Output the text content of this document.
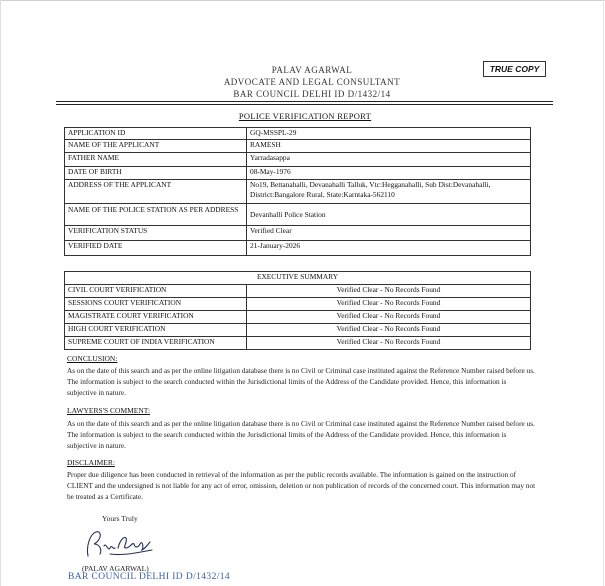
PALAV AGARWAL
ADVOCATE AND LEGAL CONSULTANT
BAR COUNCIL DELHI ID D/1432/14
TRUE COPY
POLICE VERIFICATION REPORT
APPLICATION ID	GQ-MSSPL-29
NAME OF THE APPLICANT	RAMESH
FATHER NAME	Yarradasappa
DATE OF BIRTH	08-May-1976
ADDRESS OF THE APPLICANT	No19, Bettanahalli, Devanahalli Talluk, Vtc:Hegganahalli, Sub Dist:Devanahalli, District:Bangalore Rural, State:Karntaka-562110
NAME OF THE POLICE STATION AS PER ADDRESS	Devanhalli Police Station
VERIFICATION STATUS	Verified Clear
VERIFIED DATE	21-January-2026
EXECUTIVE SUMMARY	
CIVIL COURT VERIFICATION	Verified Clear - No Records Found
SESSIONS COURT VERIFICATION	Verified Clear - No Records Found
MAGISTRATE COURT VERIFICATION	Verified Clear - No Records Found
HIGH COURT VERIFICATION	Verified Clear - No Records Found
SUPREME COURT OF INDIA VERIFICATION	Verified Clear - No Records Found
CONCLUSION:
As on the date of this search and as per the online litigation database there is no Civil or Criminal case instituted against the Reference Number raised before us. The information is subject to the search conducted within the Jurisdictional limits of the Address of the Candidate provided. Hence, this information is subjective in nature.
LAWYERS'S COMMENT:
As on the date of this search and as per the online litigation database there is no Civil or Criminal case instituted against the Reference Number raised before us. The information is subject to the search conducted within the Jurisdictional limits of the Address of the Candidate provided. Hence, this information is subjective in nature.
DISCLAIMER:
Proper due diligence has been conducted in retrieval of the information as per the public records available. The information is gained on the instruction of CLIENT and the undersigned is not liable for any act of error, omission, deletion or non publication of records of the concerned court. This information may not be treated as a Certificate.
Yours Truly
(PALAV AGARWAL)
BAR COUNCIL DELHI ID D/1432/14
